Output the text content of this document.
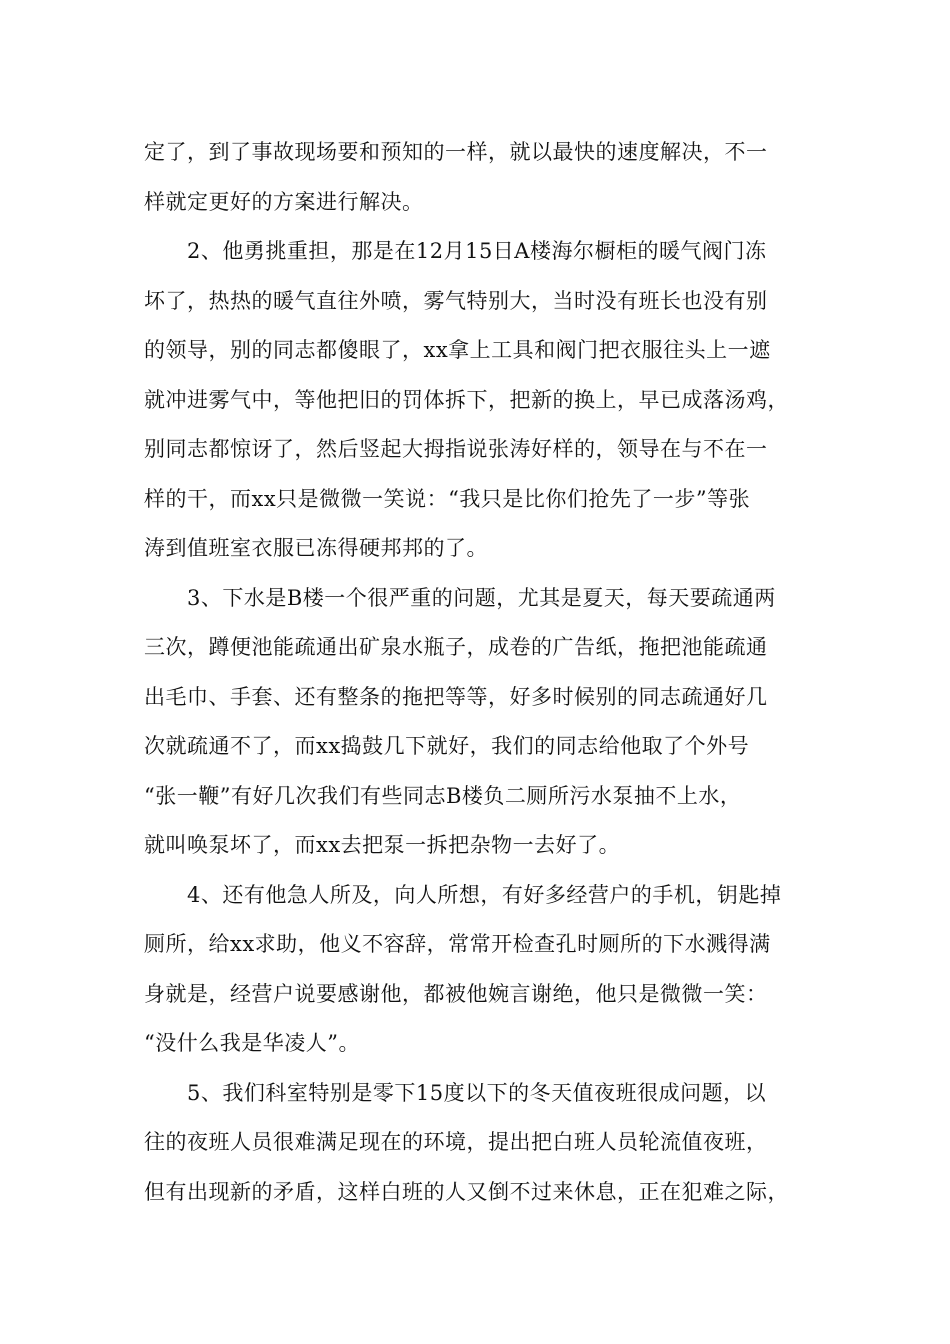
定了，到了事故现场要和预知的一样，就以最快的速度解决，不一
样就定更好的方案进行解决。
　　2、他勇挑重担，那是在12月15日A楼海尔橱柜的暖气阀门冻
坏了，热热的暖气直往外喷，雾气特别大，当时没有班长也没有别
的领导，别的同志都傻眼了，xx拿上工具和阀门把衣服往头上一遮
就冲进雾气中，等他把旧的罚体拆下，把新的换上，早已成落汤鸡，
别同志都惊讶了，然后竖起大拇指说张涛好样的，领导在与不在一
样的干，而xx只是微微一笑说：“我只是比你们抢先了一步”等张
涛到值班室衣服已冻得硬邦邦的了。
　　3、下水是B楼一个很严重的问题，尤其是夏天，每天要疏通两
三次，蹲便池能疏通出矿泉水瓶子，成卷的广告纸，拖把池能疏通
出毛巾、手套、还有整条的拖把等等，好多时候别的同志疏通好几
次就疏通不了，而xx捣鼓几下就好，我们的同志给他取了个外号
“张一鞭”有好几次我们有些同志B楼负二厕所污水泵抽不上水，
就叫唤泵坏了，而xx去把泵一拆把杂物一去好了。
　　4、还有他急人所及，向人所想，有好多经营户的手机，钥匙掉
厕所，给xx求助，他义不容辞，常常开检查孔时厕所的下水溅得满
身就是，经营户说要感谢他，都被他婉言谢绝，他只是微微一笑：
“没什么我是华凌人”。
　　5、我们科室特别是零下15度以下的冬天值夜班很成问题，以
往的夜班人员很难满足现在的环境，提出把白班人员轮流值夜班，
但有出现新的矛盾，这样白班的人又倒不过来休息，正在犯难之际，
